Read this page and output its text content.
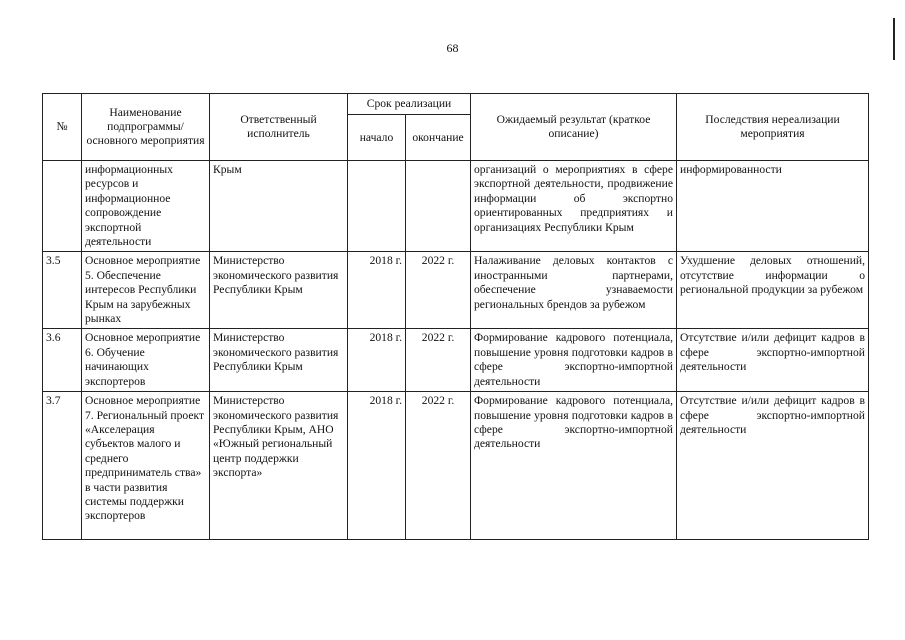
68
№	Наименование подпрограммы/ основного мероприятия	Ответственный исполнитель	Срок реализации		Ожидаемый результат (краткое описание)	Последствия нереализации мероприятия
			начало	окончание		
	информационных ресурсов и информационное сопровождение экспортной деятельности	Крым			организаций о мероприятиях в сфере экспортной деятельности, продвижение информации об экспортно ориентированных предприятиях и организациях Республики Крым	информированности
3.5	Основное мероприятие 5. Обеспечение интересов Республики Крым на зарубежных рынках	Министерство экономического развития Республики Крым	2018 г.	2022 г.	Налаживание деловых контактов с иностранными партнерами, обеспечение узнаваемости региональных брендов за рубежом	Ухудшение деловых отношений, отсутствие информации о региональной продукции за рубежом
3.6	Основное мероприятие 6. Обучение начинающих экспортеров	Министерство экономического развития Республики Крым	2018 г.	2022 г.	Формирование кадрового потенциала, повышение уровня подготовки кадров в сфере экспортно-импортной деятельности	Отсутствие и/или дефицит кадров в сфере экспортно-импортной деятельности
3.7	Основное мероприятие 7. Региональный проект «Акселерация субъектов малого и среднего предприниматель ства» в части развития системы поддержки экспортеров	Министерство экономического развития Республики Крым, АНО «Южный региональный центр поддержки экспорта»	2018 г.	2022 г.	Формирование кадрового потенциала, повышение уровня подготовки кадров в сфере экспортно-импортной деятельности	Отсутствие и/или дефицит кадров в сфере экспортно-импортной деятельности
